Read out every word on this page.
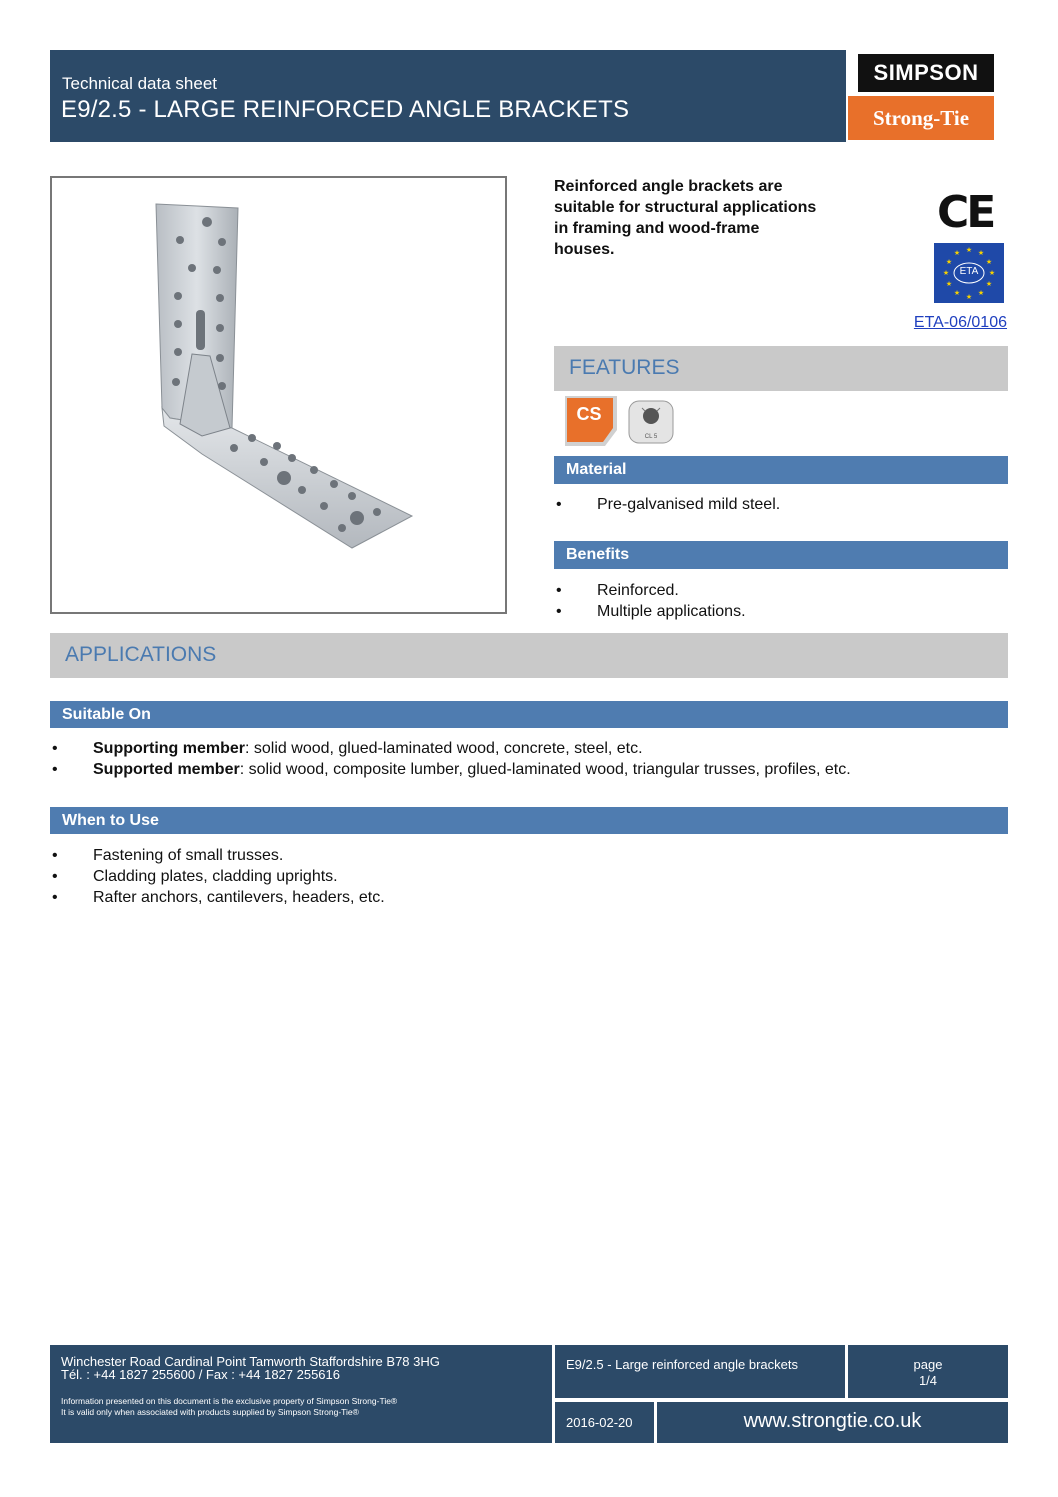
Technical data sheet
E9/2.5 - LARGE REINFORCED ANGLE BRACKETS
SIMPSON
Strong-Tie
Reinforced angle brackets are suitable for structural applications in framing and wood-frame houses.
CE
★ ★
★
★
★
★
★
★
★
★
★
★
ETA
ETA-06/0106
FEATURES
CS
CL 5
Material
• Pre-galvanised mild steel.
Benefits
• Reinforced.
• Multiple applications.
APPLICATIONS
Suitable On
• Supporting member: solid wood, glued-laminated wood, concrete, steel, etc.
• Supported member: solid wood, composite lumber, glued-laminated wood, triangular trusses, profiles, etc.
When to Use
• Fastening of small trusses.
• Cladding plates, cladding uprights.
• Rafter anchors, cantilevers, headers, etc.
Winchester Road Cardinal Point Tamworth Staffordshire B78 3HG
Tél. : +44 1827 255600 / Fax : +44 1827 255616
Information presented on this document is the exclusive property of Simpson Strong-Tie®
It is valid only when associated with products supplied by Simpson Strong-Tie®
E9/2.5 - Large reinforced angle brackets	page
1/4
2016-02-20	www.strongtie.co.uk
